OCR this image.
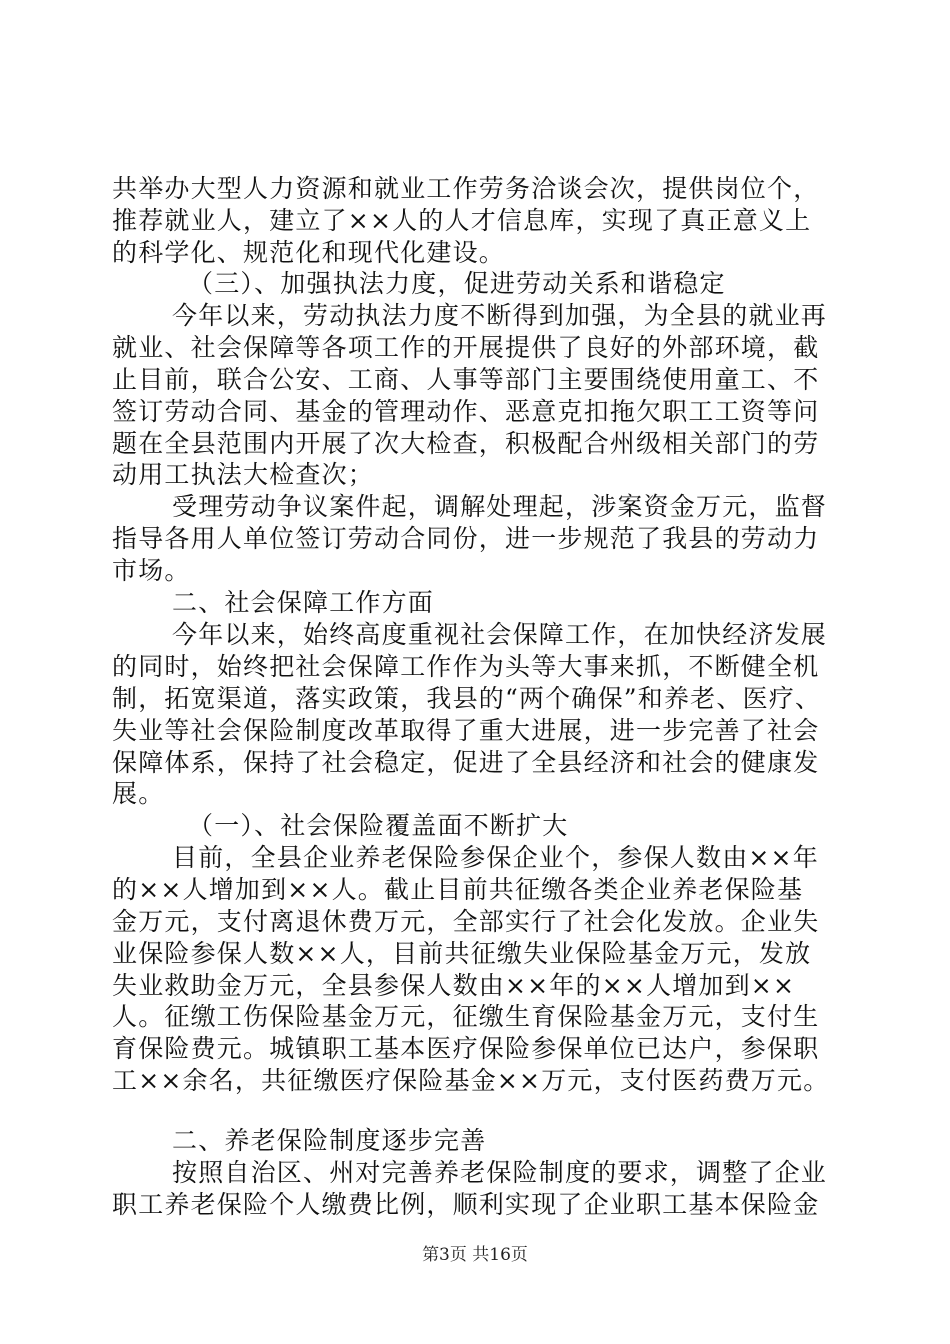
共举办大型人力资源和就业工作劳务洽谈会次，提供岗位个，
推荐就业人，建立了××人的人才信息库，实现了真正意义上
的科学化、规范化和现代化建设。
（三）、加强执法力度，促进劳动关系和谐稳定
今年以来，劳动执法力度不断得到加强，为全县的就业再
就业、社会保障等各项工作的开展提供了良好的外部环境，截
止目前，联合公安、工商、人事等部门主要围绕使用童工、不
签订劳动合同、基金的管理动作、恶意克扣拖欠职工工资等问
题在全县范围内开展了次大检查，积极配合州级相关部门的劳
动用工执法大检查次；
受理劳动争议案件起，调解处理起，涉案资金万元，监督
指导各用人单位签订劳动合同份，进一步规范了我县的劳动力
市场。
二、社会保障工作方面
今年以来，始终高度重视社会保障工作，在加快经济发展
的同时，始终把社会保障工作作为头等大事来抓，不断健全机
制，拓宽渠道，落实政策，我县的“两个确保”和养老、医疗、
失业等社会保险制度改革取得了重大进展，进一步完善了社会
保障体系，保持了社会稳定，促进了全县经济和社会的健康发
展。
（一）、社会保险覆盖面不断扩大
目前，全县企业养老保险参保企业个，参保人数由××年
的××人增加到××人。截止目前共征缴各类企业养老保险基
金万元，支付离退休费万元，全部实行了社会化发放。企业失
业保险参保人数××人，目前共征缴失业保险基金万元，发放
失业救助金万元，全县参保人数由××年的××人增加到××
人。征缴工伤保险基金万元，征缴生育保险基金万元，支付生
育保险费元。城镇职工基本医疗保险参保单位已达户，参保职
工××余名，共征缴医疗保险基金××万元，支付医药费万元。
二、养老保险制度逐步完善
按照自治区、州对完善养老保险制度的要求，调整了企业
职工养老保险个人缴费比例，顺利实现了企业职工基本保险金
第3页 共16页
